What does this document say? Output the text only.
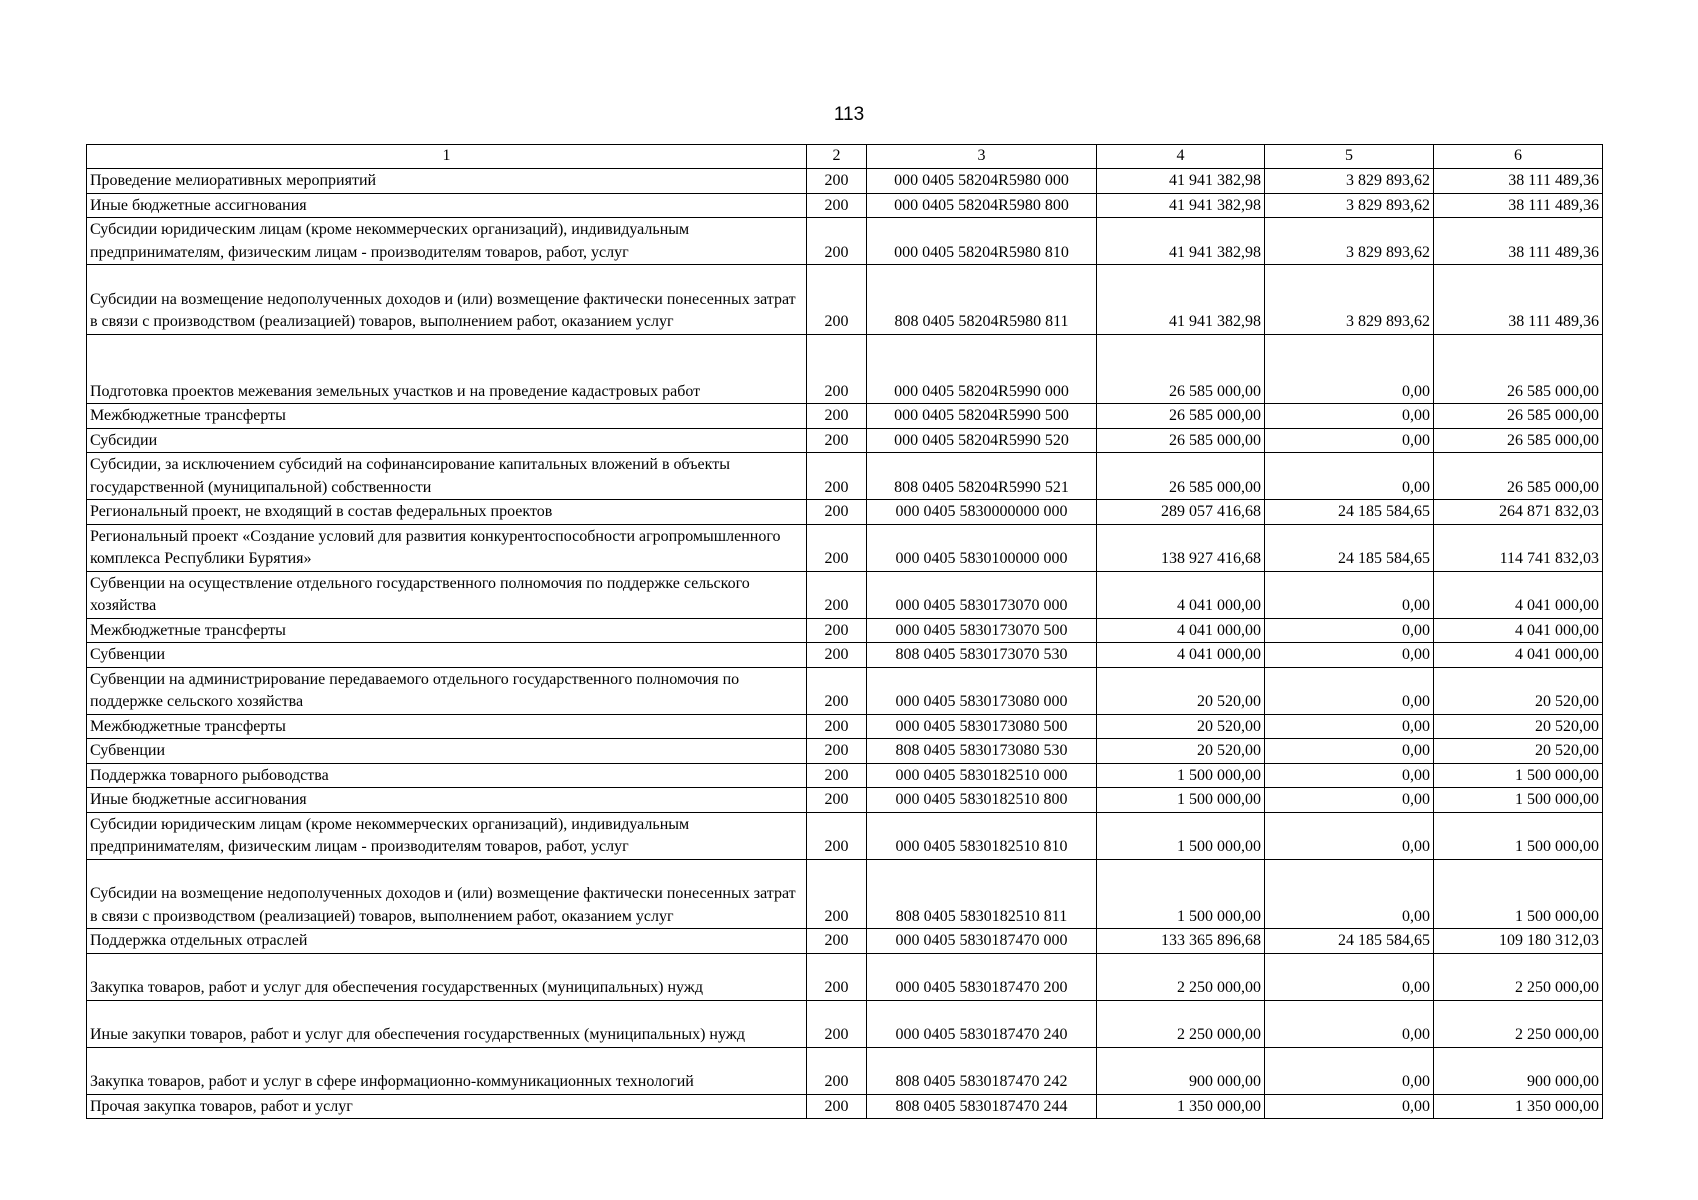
113
1	2	3	4	5	6
Проведение мелиоративных мероприятий	200	000 0405 58204R5980 000	41 941 382,98	3 829 893,62	38 111 489,36
Иные бюджетные ассигнования	200	000 0405 58204R5980 800	41 941 382,98	3 829 893,62	38 111 489,36
Субсидии юридическим лицам (кроме некоммерческих организаций), индивидуальным предпринимателям, физическим лицам - производителям товаров, работ, услуг	200	000 0405 58204R5980 810	41 941 382,98	3 829 893,62	38 111 489,36
Субсидии на возмещение недополученных доходов и (или) возмещение фактически понесенных затрат в связи с производством (реализацией) товаров, выполнением работ, оказанием услуг	200	808 0405 58204R5980 811	41 941 382,98	3 829 893,62	38 111 489,36
Подготовка проектов межевания земельных участков и на проведение кадастровых работ	200	000 0405 58204R5990 000	26 585 000,00	0,00	26 585 000,00
Межбюджетные трансферты	200	000 0405 58204R5990 500	26 585 000,00	0,00	26 585 000,00
Субсидии	200	000 0405 58204R5990 520	26 585 000,00	0,00	26 585 000,00
Субсидии, за исключением субсидий на софинансирование капитальных вложений в объекты государственной (муниципальной) собственности	200	808 0405 58204R5990 521	26 585 000,00	0,00	26 585 000,00
Региональный проект, не входящий в состав федеральных проектов	200	000 0405 5830000000 000	289 057 416,68	24 185 584,65	264 871 832,03
Региональный проект «Создание условий для развития конкурентоспособности агропромышленного комплекса Республики Бурятия»	200	000 0405 5830100000 000	138 927 416,68	24 185 584,65	114 741 832,03
Субвенции на осуществление отдельного государственного полномочия по поддержке сельского хозяйства	200	000 0405 5830173070 000	4 041 000,00	0,00	4 041 000,00
Межбюджетные трансферты	200	000 0405 5830173070 500	4 041 000,00	0,00	4 041 000,00
Субвенции	200	808 0405 5830173070 530	4 041 000,00	0,00	4 041 000,00
Субвенции на администрирование передаваемого отдельного государственного полномочия по поддержке сельского хозяйства	200	000 0405 5830173080 000	20 520,00	0,00	20 520,00
Межбюджетные трансферты	200	000 0405 5830173080 500	20 520,00	0,00	20 520,00
Субвенции	200	808 0405 5830173080 530	20 520,00	0,00	20 520,00
Поддержка товарного рыбоводства	200	000 0405 5830182510 000	1 500 000,00	0,00	1 500 000,00
Иные бюджетные ассигнования	200	000 0405 5830182510 800	1 500 000,00	0,00	1 500 000,00
Субсидии юридическим лицам (кроме некоммерческих организаций), индивидуальным предпринимателям, физическим лицам - производителям товаров, работ, услуг	200	000 0405 5830182510 810	1 500 000,00	0,00	1 500 000,00
Субсидии на возмещение недополученных доходов и (или) возмещение фактически понесенных затрат в связи с производством (реализацией) товаров, выполнением работ, оказанием услуг	200	808 0405 5830182510 811	1 500 000,00	0,00	1 500 000,00
Поддержка отдельных отраслей	200	000 0405 5830187470 000	133 365 896,68	24 185 584,65	109 180 312,03
Закупка товаров, работ и услуг для обеспечения государственных (муниципальных) нужд	200	000 0405 5830187470 200	2 250 000,00	0,00	2 250 000,00
Иные закупки товаров, работ и услуг для обеспечения государственных (муниципальных) нужд	200	000 0405 5830187470 240	2 250 000,00	0,00	2 250 000,00
Закупка товаров, работ и услуг в сфере информационно-коммуникационных технологий	200	808 0405 5830187470 242	900 000,00	0,00	900 000,00
Прочая закупка товаров, работ и услуг	200	808 0405 5830187470 244	1 350 000,00	0,00	1 350 000,00
